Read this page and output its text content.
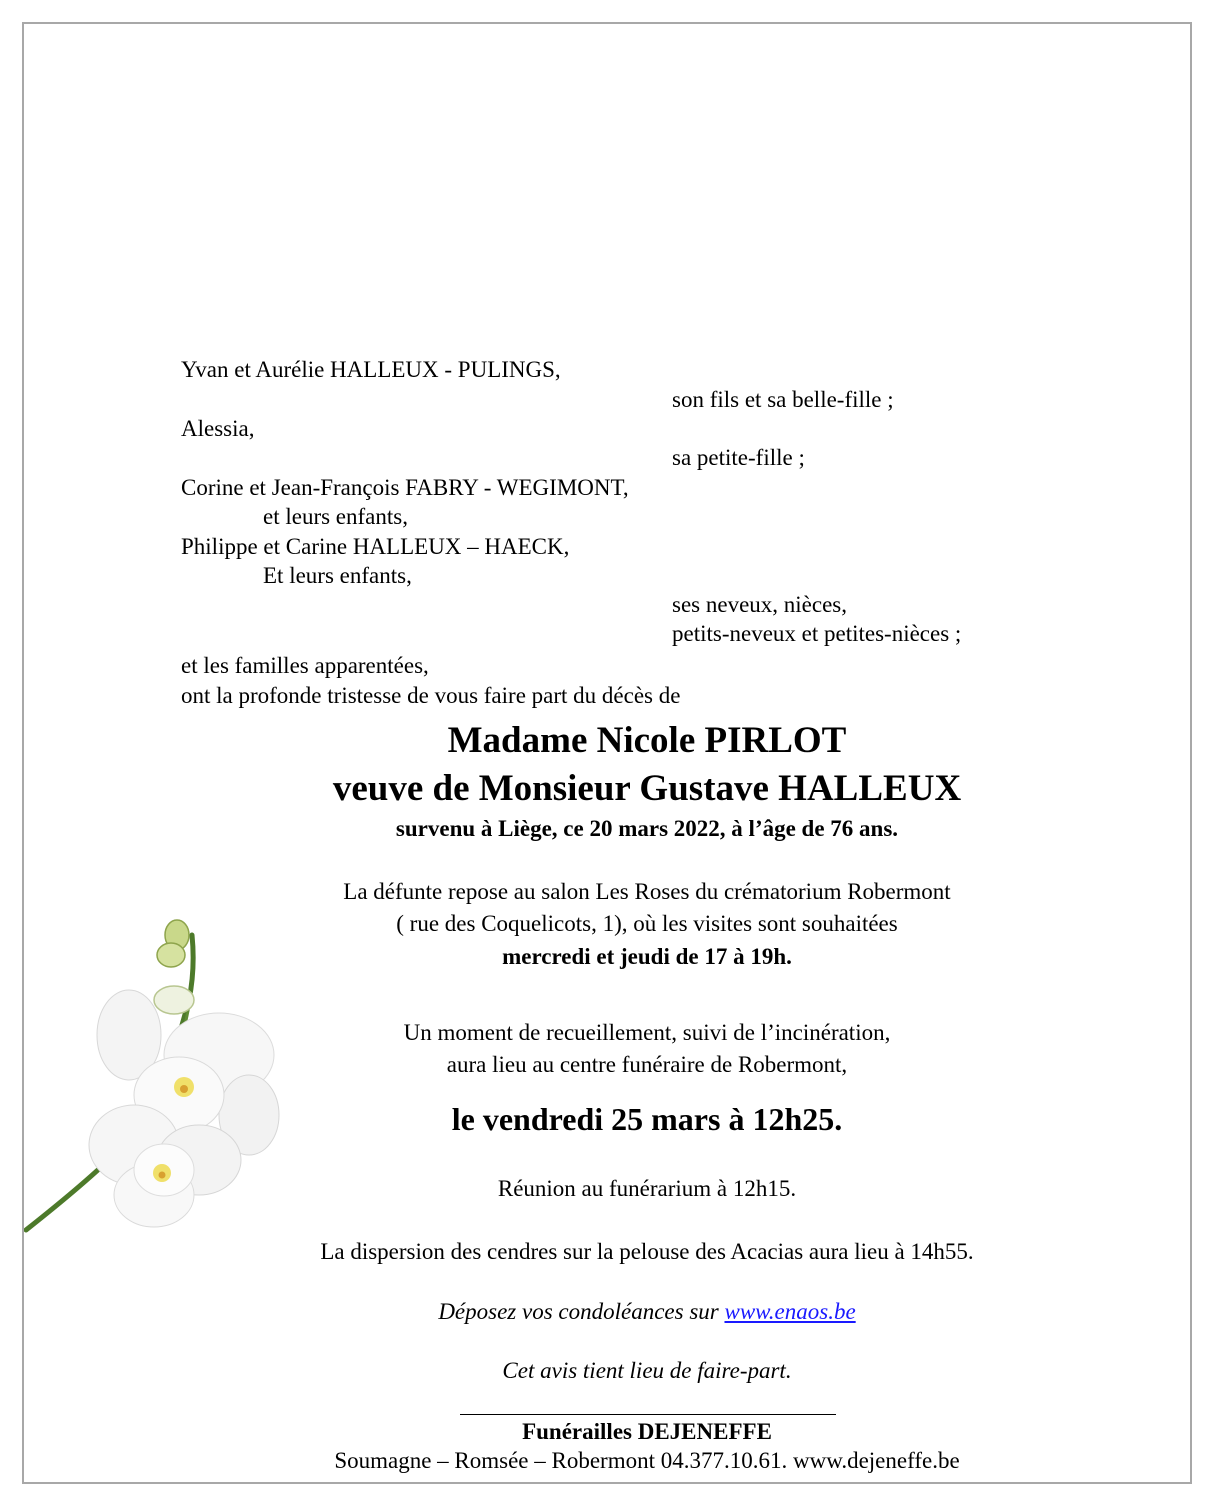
Yvan et Aurélie HALLEUX - PULINGS,
son fils et sa belle-fille ;
Alessia,
sa petite-fille ;
Corine et Jean-François FABRY - WEGIMONT,
et leurs enfants,
Philippe et Carine HALLEUX – HAECK,
Et leurs enfants,
ses neveux, nièces,
petits-neveux et petites-nièces ;
et les familles apparentées,
ont la profonde tristesse de vous faire part du décès de
Madame Nicole PIRLOT
veuve de Monsieur Gustave HALLEUX
survenu à Liège, ce 20 mars 2022, à l’âge de 76 ans.
La défunte repose au salon Les Roses du crématorium Robermont
( rue des Coquelicots, 1), où les visites sont souhaitées
mercredi et jeudi de 17 à 19h.
Un moment de recueillement, suivi de l’incinération,
aura lieu au centre funéraire de Robermont,
le vendredi 25 mars à 12h25.
Réunion au funérarium à 12h15.
La dispersion des cendres sur la pelouse des Acacias aura lieu à 14h55.
Déposez vos condoléances sur www.enaos.be
Cet avis tient lieu de faire-part.
Funérailles DEJENEFFE
Soumagne – Romsée – Robermont 04.377.10.61. www.dejeneffe.be
